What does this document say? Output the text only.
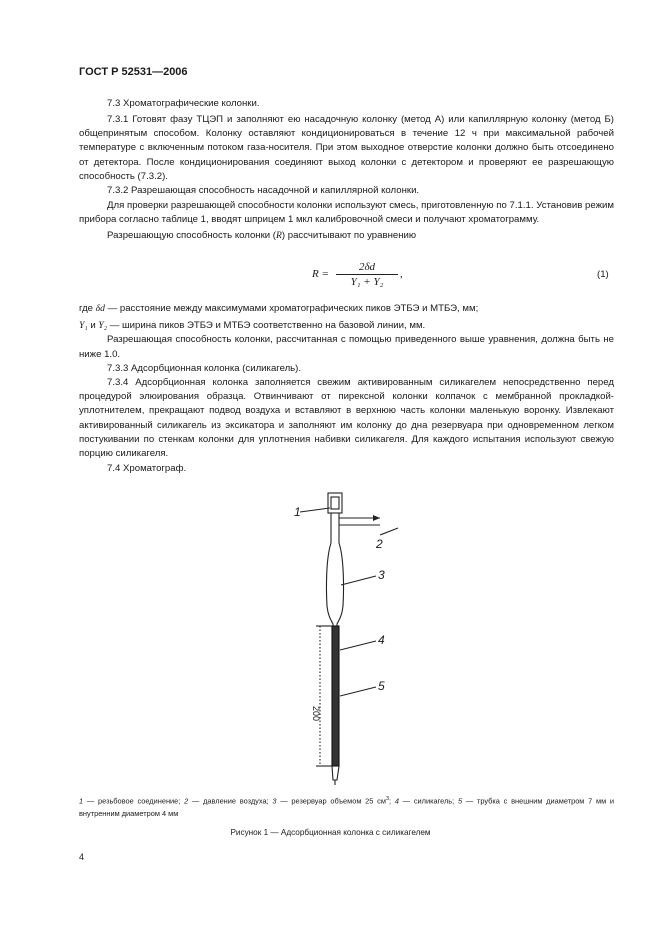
ГОСТ Р 52531—2006
7.3 Хроматографические колонки.

7.3.1 Готовят фазу ТЦЭП и заполняют ею насадочную колонку (метод А) или капиллярную колонку (метод Б) общепринятым способом. Колонку оставляют кондиционироваться в течение 12 ч при максимальной рабочей температуре с включенным потоком газа-носителя. При этом выходное отверстие колонки должно быть отсоединено от детектора. После кондиционирования соединяют выход колонки с детектором и проверяют ее разрешающую способность (7.3.2).

7.3.2 Разрешающая способность насадочной и капиллярной колонки.

Для проверки разрешающей способности колонки используют смесь, приготовленную по 7.1.1. Установив режим прибора согласно таблице 1, вводят шприцем 1 мкл калибровочной смеси и получают хроматограмму.

Разрешающую способность колонки (R) рассчитывают по уравнению

$R = \frac{2\delta d}{\text{Y₁ + Y₂}}$ ,	(1)

где δd — расстояние между максимумами хроматографических пиков ЭТБЭ и МТБЭ, мм;

Y₁ и Y₂ — ширина пиков ЭТБЭ и МТБЭ соответственно на базовой линии, мм.

Разрешающая способность колонки, рассчитанная с помощью приведенного выше уравнения, должна быть не ниже 1.0.

7.3.3 Адсорбционная колонка (силикагель).

7.3.4 Адсорбционная колонка заполняется свежим активированным силикагелем непосредственно перед процедурой элюирования образца. Отвинчивают от пирексной колонки колпачок с мембранной прокладкой-уплотнителем, прекращают подвод воздуха и вставляют в верхнюю часть колонки маленькую воронку. Извлекают активированный силикагель из эксикатора и заполняют им колонку до дна резервуара при одновременном легком постукивании по стенкам колонки для уплотнения набивки силикагеля. Для каждого испытания используют свежую порцию силикагеля.

7.4 Хроматограф.

1
2
3
4
5
200
1 — резьбовое соединение; 2 — давление воздуха; 3 — резервуар объемом 25 $см^3$; 4 — силикагель; 5 — трубка с внешним диаметром 7 мм и внутренним диаметром 4 мм
Рисунок 1 — Адсорбционная колонка с силикагелем
4
